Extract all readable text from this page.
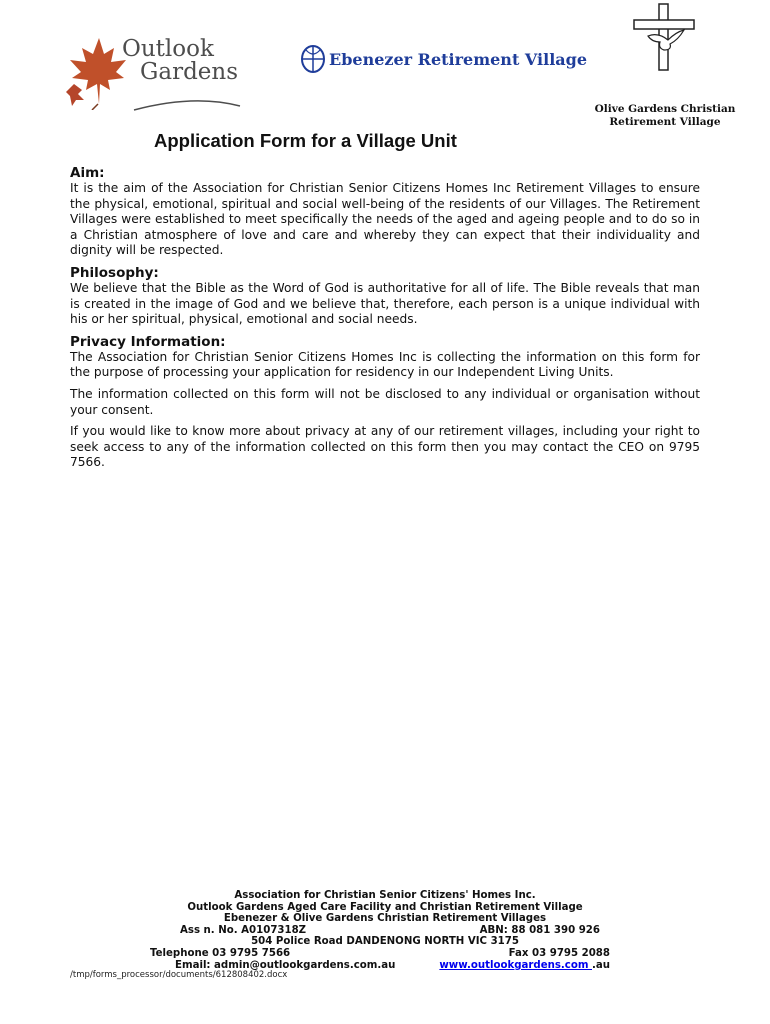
Outlook
Gardens	Ebenezer Retirement Village
Olive Gardens Christian
Retirement Village
Application Form for a Village Unit
Aim:

It is the aim of the Association for Christian Senior Citizens Homes Inc Retirement Villages to ensure the physical, emotional, spiritual and social well-being of the residents of our Villages. The Retirement Villages were established to meet specifically the needs of the aged and ageing people and to do so in a Christian atmosphere of love and care and whereby they can expect that their individuality and dignity will be respected.

Philosophy:

We believe that the Bible as the Word of God is authoritative for all of life. The Bible reveals that man is created in the image of God and we believe that, therefore, each person is a unique individual with his or her spiritual, physical, emotional and social needs.

Privacy Information:

The Association for Christian Senior Citizens Homes Inc is collecting the information on this form for the purpose of processing your application for residency in our Independent Living Units.

The information collected on this form will not be disclosed to any individual or organisation without your consent.

If you would like to know more about privacy at any of our retirement villages, including your right to seek access to any of the information collected on this form then you may contact the CEO on 9795 7566.

Association for Christian Senior Citizens' Homes Inc.
Outlook Gardens Aged Care Facility and Christian Retirement Village
Ebenezer & Olive Gardens Christian Retirement Villages
Ass n. No. A0107318Z	ABN: 88 081 390 926
504 Police Road DANDENONG NORTH VIC 3175
Telephone 03 9795 7566	Fax 03 9795 2088
Email: admin@outlookgardens.com.au	www.outlookgardens.com .au
/tmp/forms_processor/documents/612808402.docx
